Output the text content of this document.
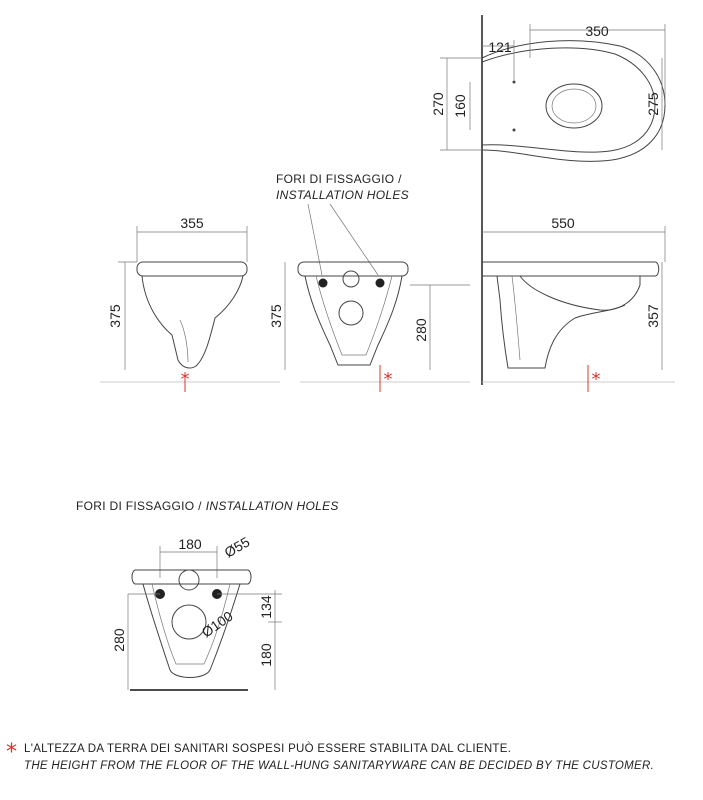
350
121
270 160	275
355
375
*
FORI DI FISSAGGIO /
INSTALLATION HOLES
375
280
*
550
357
*
FORI DI FISSAGGIO / INSTALLATION HOLES
180 Ø55
Ø100
280
134
180
* L'ALTEZZA DA TERRA DEI SANITARI SOSPESI PUÒ ESSERE STABILITA DAL CLIENTE.
THE HEIGHT FROM THE FLOOR OF THE WALL-HUNG SANITARYWARE CAN BE DECIDED BY THE CUSTOMER.
